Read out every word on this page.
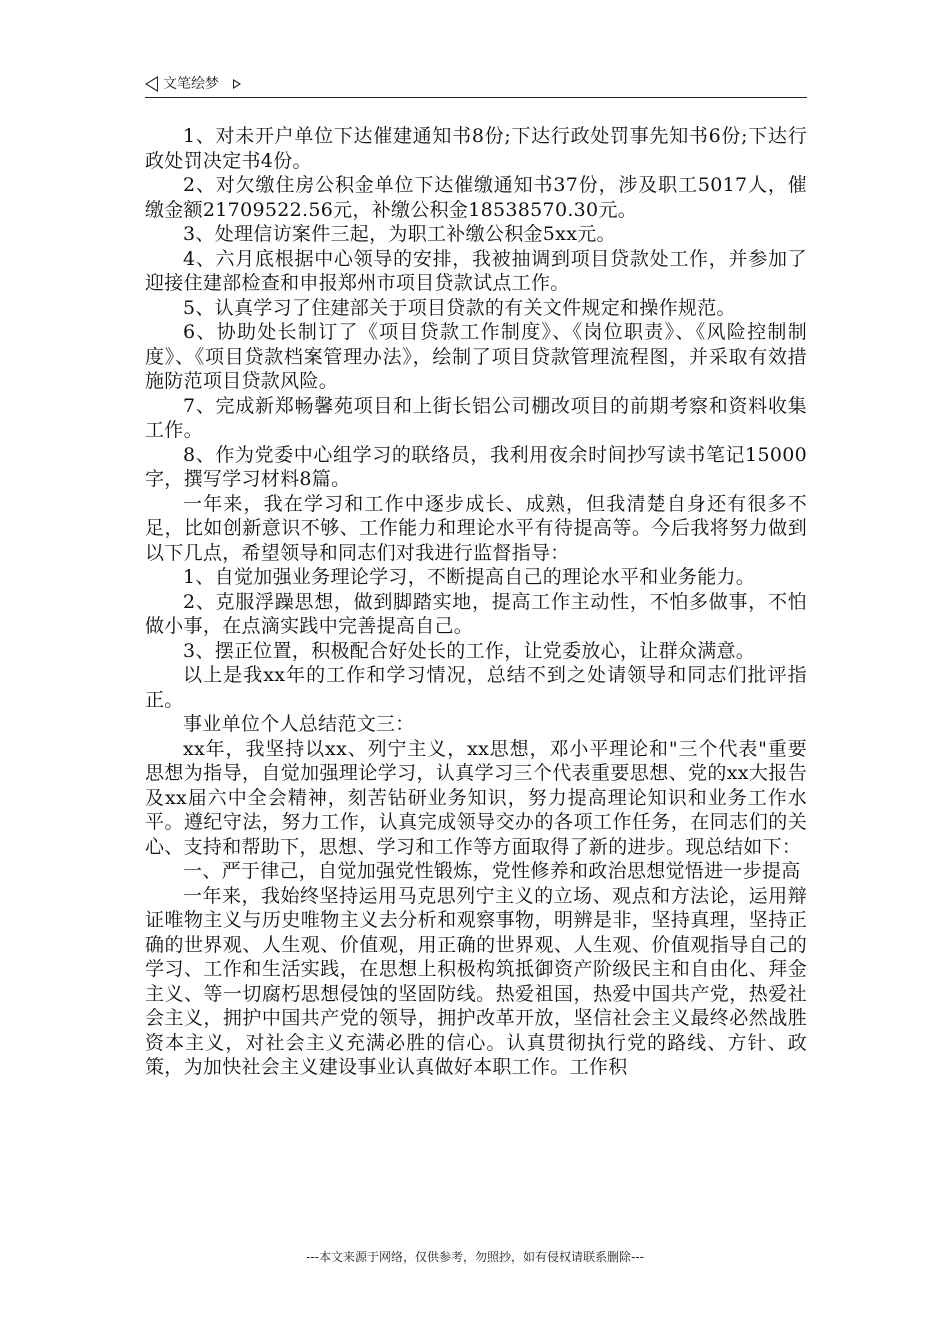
文笔绘梦

1、对未开户单位下达催建通知书8份;下达行政处罚事先知书6份;下达行政处罚决定书4份。

2、对欠缴住房公积金单位下达催缴通知书37份，涉及职工5017人，催缴金额21709522.56元，补缴公积金18538570.30元。

3、处理信访案件三起，为职工补缴公积金5xx元。

4、六月底根据中心领导的安排，我被抽调到项目贷款处工作，并参加了迎接住建部检查和申报郑州市项目贷款试点工作。

5、认真学习了住建部关于项目贷款的有关文件规定和操作规范。

6、协助处长制订了《项目贷款工作制度》、《岗位职责》、《风险控制制度》、《项目贷款档案管理办法》，绘制了项目贷款管理流程图，并采取有效措施防范项目贷款风险。

7、完成新郑畅馨苑项目和上街长铝公司棚改项目的前期考察和资料收集工作。

8、作为党委中心组学习的联络员，我利用夜余时间抄写读书笔记15000字，撰写学习材料8篇。

一年来，我在学习和工作中逐步成长、成熟，但我清楚自身还有很多不足，比如创新意识不够、工作能力和理论水平有待提高等。今后我将努力做到以下几点，希望领导和同志们对我进行监督指导：

1、自觉加强业务理论学习，不断提高自己的理论水平和业务能力。

2、克服浮躁思想，做到脚踏实地，提高工作主动性，不怕多做事，不怕做小事，在点滴实践中完善提高自己。

3、摆正位置，积极配合好处长的工作，让党委放心，让群众满意。

以上是我xx年的工作和学习情况，总结不到之处请领导和同志们批评指正。

事业单位个人总结范文三：

xx年，我坚持以xx、列宁主义，xx思想，邓小平理论和"三个代表"重要思想为指导，自觉加强理论学习，认真学习三个代表重要思想、党的xx大报告及xx届六中全会精神，刻苦钻研业务知识，努力提高理论知识和业务工作水平。遵纪守法，努力工作，认真完成领导交办的各项工作任务，在同志们的关心、支持和帮助下，思想、学习和工作等方面取得了新的进步。现总结如下：

一、严于律己，自觉加强党性锻炼，党性修养和政治思想觉悟进一步提高

一年来，我始终坚持运用马克思列宁主义的立场、观点和方法论，运用辩证唯物主义与历史唯物主义去分析和观察事物，明辨是非，坚持真理，坚持正确的世界观、人生观、价值观，用正确的世界观、人生观、价值观指导自己的学习、工作和生活实践，在思想上积极构筑抵御资产阶级民主和自由化、拜金主义、等一切腐朽思想侵蚀的坚固防线。热爱祖国，热爱中国共产党，热爱社会主义，拥护中国共产党的领导，拥护改革开放，坚信社会主义最终必然战胜资本主义，对社会主义充满必胜的信心。认真贯彻执行党的路线、方针、政策，为加快社会主义建设事业认真做好本职工作。工作积

---本文来源于网络，仅供参考，勿照抄，如有侵权请联系删除---
